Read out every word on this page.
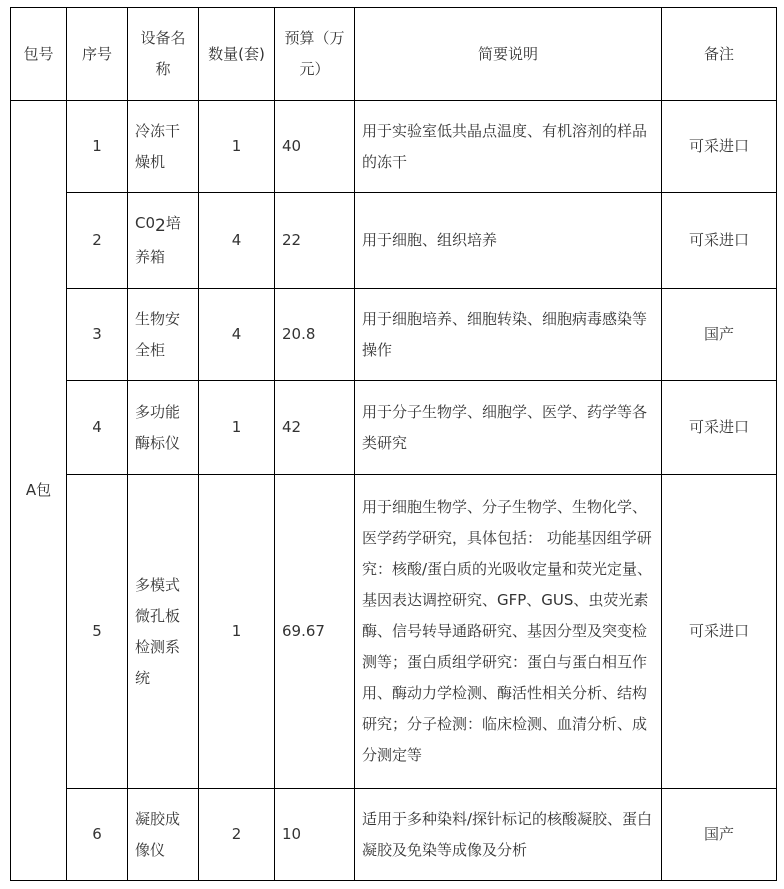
包号	序号	设备名称	数量(套)	预算（万元）	简要说明	备注
A包	1	冷冻干燥机	1	40	用于实验室低共晶点温度、有机溶剂的样品的冻干	可采进口
	2	C02培养箱	4	22	用于细胞、组织培养	可采进口
	3	生物安全柜	4	20.8	用于细胞培养、细胞转染、细胞病毒感染等操作	国产
	4	多功能酶标仪	1	42	用于分子生物学、细胞学、医学、药学等各类研究	可采进口
	5	多模式微孔板检测系统	1	69.67	用于细胞生物学、分子生物学、生物化学、医学药学研究，具体包括： 功能基因组学研究：核酸/蛋白质的光吸收定量和荧光定量、基因表达调控研究、GFP、GUS、虫荧光素酶、信号转导通路研究、基因分型及突变检测等；蛋白质组学研究：蛋白与蛋白相互作用、酶动力学检测、酶活性相关分析、结构研究；分子检测：临床检测、血清分析、成分测定等	可采进口
	6	凝胶成像仪	2	10	适用于多种染料/探针标记的核酸凝胶、蛋白凝胶及免染等成像及分析	国产
